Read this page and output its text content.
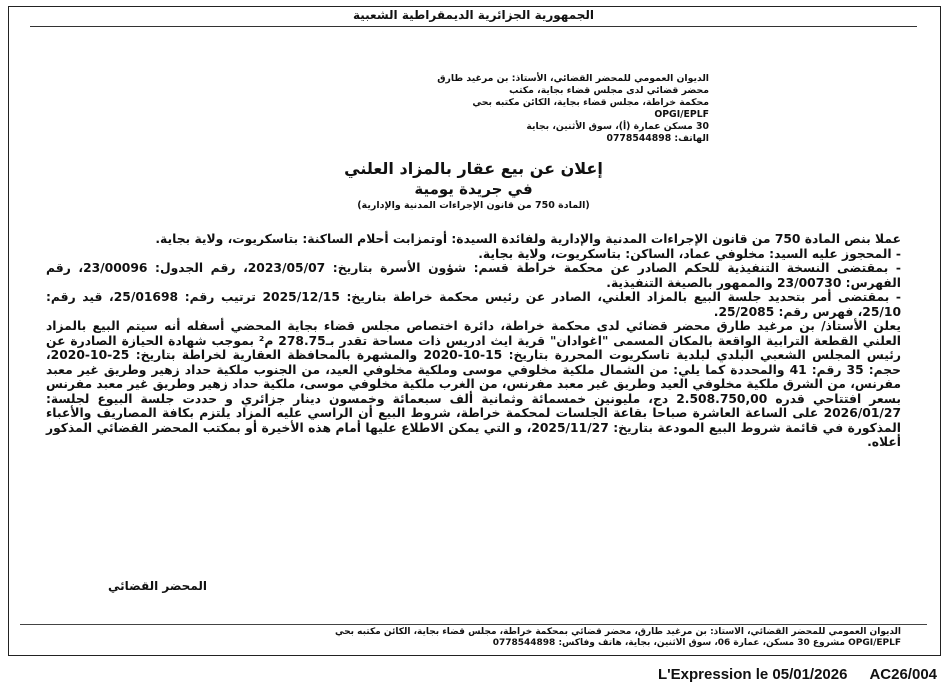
الجمهورية الجزائرية الديمقراطية الشعبية
الديوان العمومي للمحضر القضائي، الأستاذ: بن مرغيد طارق
محضر قضائي لدى مجلس قضاء بجاية، مكتب
محكمة خراطة، مجلس قضاء بجاية، الكائن مكتبه بحي
OPGI/EPLF
30 مسكن عمارة (أ)، سوق الأثنين، بجاية
الهاتف: 0778544898
إعلان عن بيع عقار بالمزاد العلني
في جريدة يومية
(المادة 750 من قانون الإجراءات المدنية والإدارية)

عملا بنص المادة 750 من قانون الإجراءات المدنية والإدارية ولفائدة السيدة: أوتمزابت أحلام الساكنة: بتاسكريوت، ولاية بجاية.

- المحجوز عليه السيد: مخلوفي عماد، الساكن: بتاسكريوت، ولاية بجاية.

- بمقتضى النسخة التنفيذية للحكم الصادر عن محكمة خراطة قسم: شؤون الأسرة بتاريخ: 2023/05/07، رقم الجدول: 23/00096، رقم الفهرس: 23/00730 والممهور بالصيغة التنفيذية.

- بمقتضى أمر بتحديد جلسة البيع بالمزاد العلني، الصادر عن رئيس محكمة خراطة بتاريخ: 2025/12/15 ترتيب رقم: 25/01698، قيد رقم: 25/10، فهرس رقم: 25/2085.

يعلن الأستاذ/ بن مرغيد طارق محضر قضائي لدى محكمة خراطة، دائرة اختصاص مجلس قضاء بجاية المحضي أسفله أنه سيتم البيع بالمزاد العلني القطعة الترابية الواقعة بالمكان المسمى "اغوادان" قرية ايث ادريس ذات مساحة تقدر بـ278.75 م² بموجب شهادة الحيازة الصادرة عن رئيس المجلس الشعبي البلدي لبلدية تاسكريوت المحررة بتاريخ: 15-10-2020 والمشهرة بالمحافظة العقارية لخراطة بتاريخ: 25-10-2020، حجم: 35 رقم: 41 والمحددة كما يلي: من الشمال ملكية مخلوفي موسى وملكية مخلوفي العيد، من الجنوب ملكية حداد زهير وطريق غير معبد مفرنس، من الشرق ملكية مخلوفي العيد وطريق غير معبد مفرنس، من الغرب ملكية مخلوفي موسى، ملكية حداد زهير وطريق غير معبد مفرنس بسعر افتتاحي قدره 2.508.750,00 دج، مليونين خمسمائة وثمانية ألف سبعمائة وخمسون دينار جزائري و حددت جلسة البيوع لجلسة: 2026/01/27 على الساعة العاشرة صباحا بقاعة الجلسات لمحكمة خراطة، شروط البيع أن الراسي عليه المزاد يلتزم بكافة المصاريف والأعباء المذكورة في قائمة شروط البيع المودعة بتاريخ: 2025/11/27، و التي يمكن الاطلاع عليها أمام هذه الأخيرة أو بمكتب المحضر القضائي المذكور أعلاه.

المحضر القضائي
الديوان العمومي للمحضر القضائي، الأستاذ: بن مرغيد طارق، محضر قضائي بمحكمة خراطة، مجلس قضاء بجاية، الكائن مكتبه بحي
OPGI/EPLF مشروع 30 مسكن، عمارة 06، سوق الأثنين، بجاية، هاتف وفاكس: 0778544898
L'Expression le 05/01/2026 AC26/004
